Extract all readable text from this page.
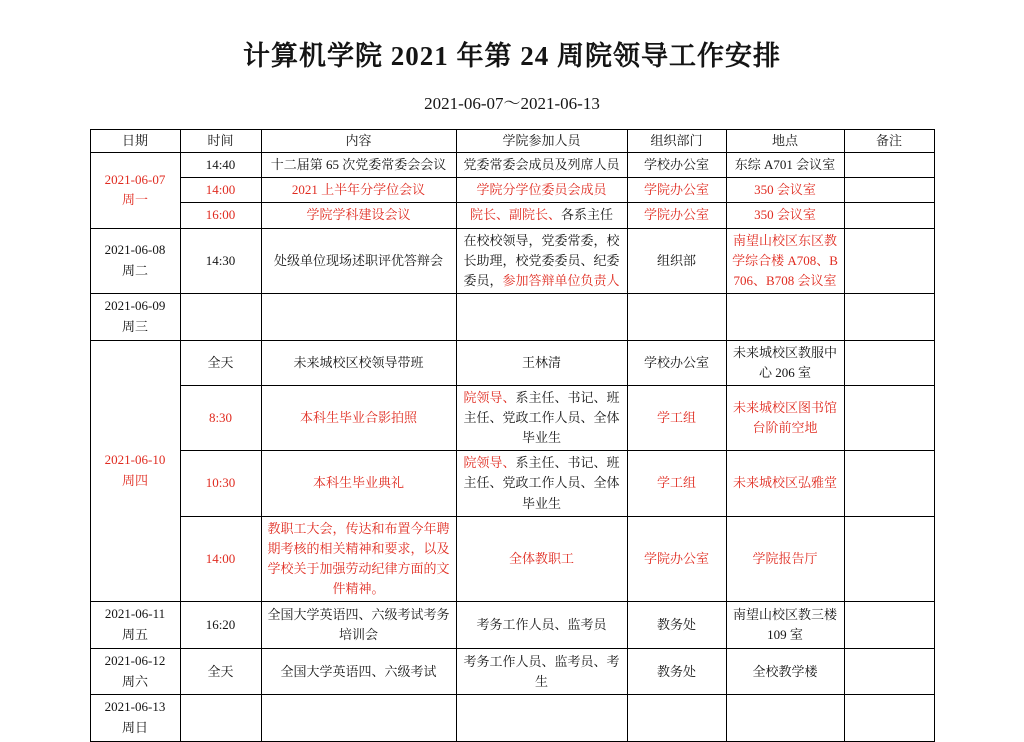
计算机学院 2021 年第 24 周院领导工作安排
2021-06-07～2021-06-13
日期	时间	内容	学院参加人员	组织部门	地点	备注

2021-06-07
周一	14:40	十二届第 65 次党委常委会会议	党委常委会成员及列席人员	学校办公室	东综 A701 会议室	
	14:00	2021 上半年分学位会议	学院分学位委员会成员	学院办公室	350 会议室	
	16:00	学院学科建设会议	院长、副院长、各系主任	学院办公室	350 会议室	

2021-06-08
周二	14:30	处级单位现场述职评优答辩会	在校校领导，党委常委，校长助理，校党委委员、纪委委员，参加答辩单位负责人	组织部	南望山校区东区教学综合楼 A708、B706、B708 会议室	

2021-06-09
周三						

2021-06-10
周四	全天	未来城校区校领导带班	王林清	学校办公室	未来城校区教服中心 206 室	
	8:30	本科生毕业合影拍照	院领导、系主任、书记、班主任、党政工作人员、全体毕业生	学工组	未来城校区图书馆台阶前空地	
	10:30	本科生毕业典礼	院领导、系主任、书记、班主任、党政工作人员、全体毕业生	学工组	未来城校区弘雅堂	
	14:00	教职工大会，传达和布置今年聘期考核的相关精神和要求，以及学校关于加强劳动纪律方面的文件精神。	全体教职工	学院办公室	学院报告厅	

2021-06-11
周五	16:20	全国大学英语四、六级考试考务培训会	考务工作人员、监考员	教务处	南望山校区教三楼 109 室	

2021-06-12
周六	全天	全国大学英语四、六级考试	考务工作人员、监考员、考生	教务处	全校教学楼	

2021-06-13
周日						
